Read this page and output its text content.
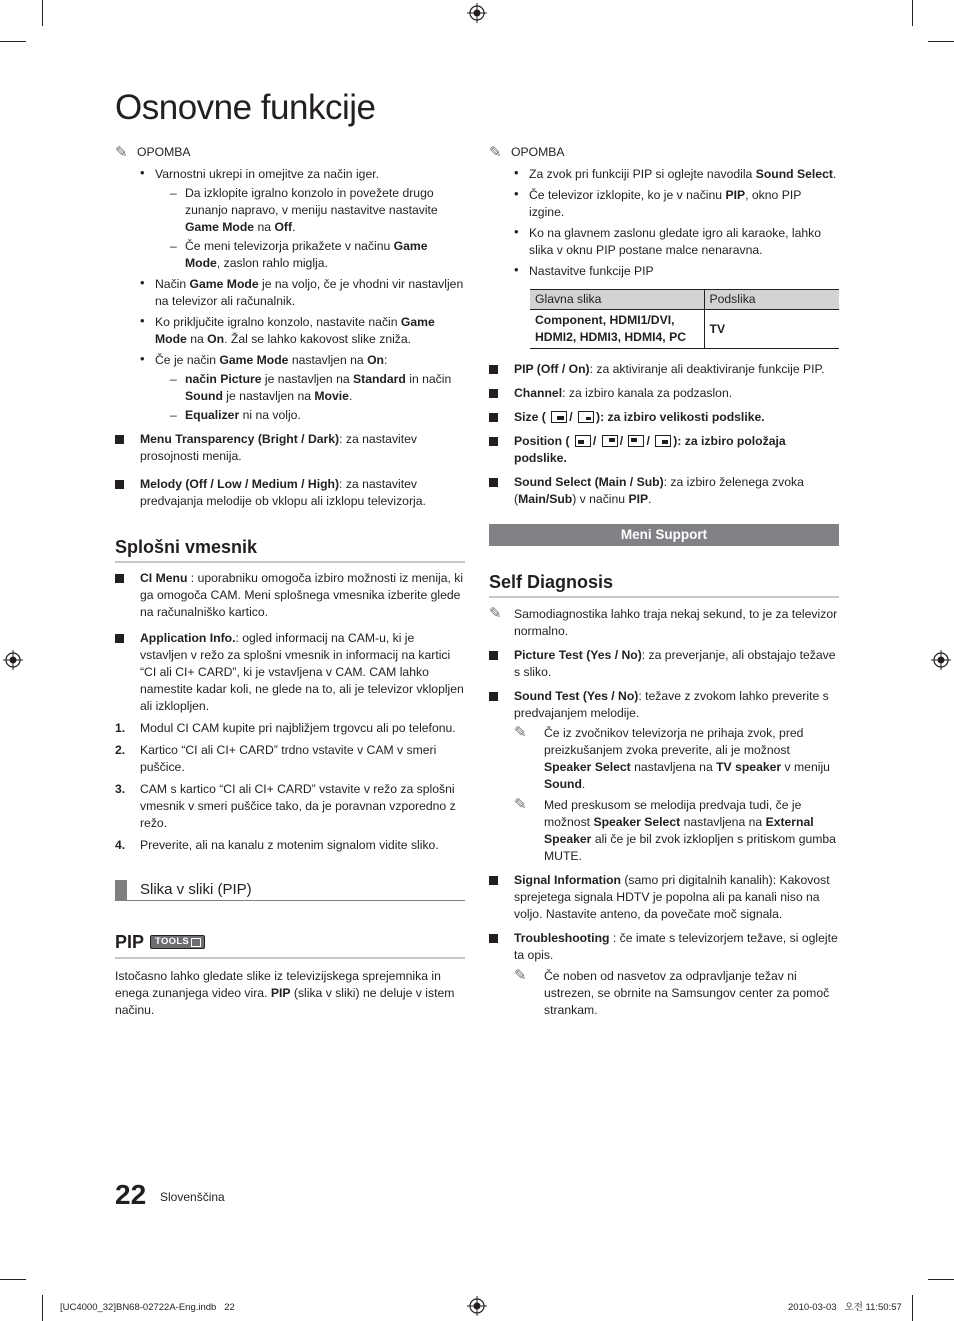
Osnovne funkcije
✎ OPOMBA
• Varnostni ukrepi in omejitve za način iger.
– Da izklopite igralno konzolo in povežete drugo zunanjo napravo, v meniju nastavitve nastavite Game Mode na Off.
– Če meni televizorja prikažete v načinu Game Mode, zaslon rahlo miglja.
• Način Game Mode je na voljo, če je vhodni vir nastavljen na televizor ali računalnik.
• Ko priključite igralno konzolo, nastavite način Game Mode na On. Žal se lahko kakovost slike zniža.
• Če je način Game Mode nastavljen na On:
– način Picture je nastavljen na Standard in način Sound je nastavljen na Movie.
– Equalizer ni na voljo.
Menu Transparency (Bright / Dark): za nastavitev prosojnosti menija.
Melody (Off / Low / Medium / High): za nastavitev predvajanja melodije ob vklopu ali izklopu televizorja.
Splošni vmesnik
CI Menu : uporabniku omogoča izbiro možnosti iz menija, ki ga omogoča CAM. Meni splošnega vmesnika izberite glede na računalniško kartico.
Application Info.: ogled informacij na CAM-u, ki je vstavljen v režo za splošni vmesnik in informacij na kartici “CI ali CI+ CARD”, ki je vstavljena v CAM. CAM lahko namestite kadar koli, ne glede na to, ali je televizor vklopljen ali izklopljen.
1. Modul CI CAM kupite pri najbližjem trgovcu ali po telefonu.
2. Kartico “CI ali CI+ CARD” trdno vstavite v CAM v smeri puščice.
3. CAM s kartico “CI ali CI+ CARD” vstavite v režo za splošni vmesnik v smeri puščice tako, da je poravnan vzporedno z režo.
4. Preverite, ali na kanalu z motenim signalom vidite sliko.
Slika v sliki (PIP)
PIP TOOLS

Istočasno lahko gledate slike iz televizijskega sprejemnika in enega zunanjega video vira. PIP (slika v sliki) ne deluje v istem načinu.

✎ OPOMBA
• Za zvok pri funkciji PIP si oglejte navodila Sound Select.
• Če televizor izklopite, ko je v načinu PIP, okno PIP izgine.
• Ko na glavnem zaslonu gledate igro ali karaoke, lahko slika v oknu PIP postane malce nenaravna.
• Nastavitve funkcije PIP
Glavna slika	Podslika
Component, HDMI1/DVI, HDMI2, HDMI3, HDMI4, PC	TV
PIP (Off / On): za aktiviranje ali deaktiviranje funkcije PIP.
Channel: za izbiro kanala za podzaslon.
Size ( / ): za izbiro velikosti podslike.
Position ( / / / ): za izbiro položaja podslike.
Sound Select (Main / Sub): za izbiro želenega zvoka (Main/Sub) v načinu PIP.
Meni Support
Self Diagnosis
✎	Samodiagnostika lahko traja nekaj sekund, to je za televizor normalno.
Picture Test (Yes / No): za preverjanje, ali obstajajo težave s sliko.
Sound Test (Yes / No): težave z zvokom lahko preverite s predvajanjem melodije.
✎	Če iz zvočnikov televizorja ne prihaja zvok, pred preizkušanjem zvoka preverite, ali je možnost Speaker Select nastavljena na TV speaker v meniju Sound.
✎	Med preskusom se melodija predvaja tudi, če je možnost Speaker Select nastavljena na External Speaker ali če je bil zvok izklopljen s pritiskom gumba MUTE.
Signal Information (samo pri digitalnih kanalih): Kakovost sprejetega signala HDTV je popolna ali pa kanali niso na voljo. Nastavite anteno, da povečate moč signala.
Troubleshooting : če imate s televizorjem težave, si oglejte ta opis.
✎	Če noben od nasvetov za odpravljanje težav ni ustrezen, se obrnite na Samsungov center za pomoč strankam.
22 Slovenščina
[UC4000_32]BN68-02722A-Eng.indb   22	2010-03-03   오전 11:50:57
